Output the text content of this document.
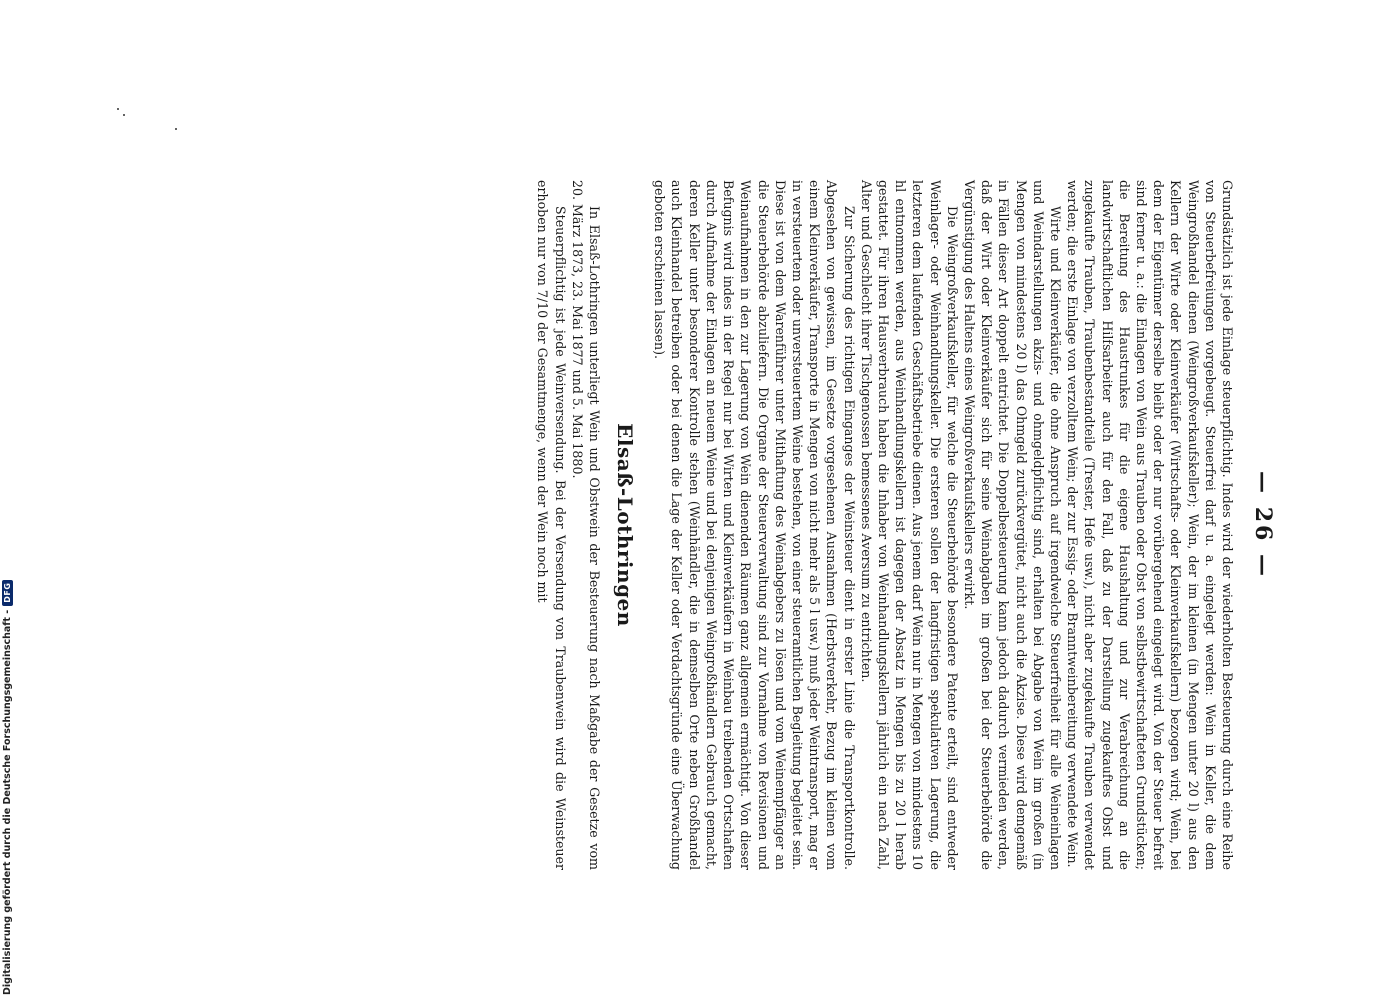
— 26 —

Grundsätzlich ist jede Einlage steuerpflichtig. Indes wird der wiederholten Besteuerung durch eine Reihe von Steuerbefreiungen vorgebeugt. Steuerfrei darf u. a. eingelegt werden: Wein in Keller, die dem Weingroßhandel dienen (Weingroßverkaufskeller); Wein, der im kleinen (in Mengen unter 20 l) aus den Kellern der Wirte oder Kleinverkäufer (Wirtschafts- oder Kleinverkaufskellern) bezogen wird; Wein, bei dem der Eigentümer derselbe bleibt oder der nur vorübergehend eingelegt wird. Von der Steuer befreit sind ferner u. a.: die Einlagen von Wein aus Trauben oder Obst von selbstbewirtschafteten Grundstücken; die Bereitung des Haustrunkes für die eigene Haushaltung und zur Verabreichung an die landwirtschaftlichen Hilfsarbeiter auch für den Fall, daß zu der Darstellung zugekauftes Obst und zugekaufte Trauben, Traubenbestandteile (Trester, Hefe usw.), nicht aber zugekaufte Trauben verwendet werden; die erste Einlage von verzolltem Wein; der zur Essig- oder Branntweinbereitung verwendete Wein.

Wirte und Kleinverkäufer, die ohne Anspruch auf irgendwelche Steuerfreiheit für alle Weineinlagen und Weindarstellungen akzis- und ohmgeldpflichtig sind, erhalten bei Abgabe von Wein im großen (in Mengen von mindestens 20 l) das Ohmgeld zurückvergütet, nicht auch die Akzise. Diese wird demgemäß in Fällen dieser Art doppelt entrichtet. Die Doppelbesteuerung kann jedoch dadurch vermieden werden, daß der Wirt oder Kleinverkäufer sich für seine Weinabgaben im großen bei der Steuerbehörde die Vergünstigung des Haltens eines Weingroßverkaufskellers erwirkt.

Die Weingroßverkaufskeller, für welche die Steuerbehörde besondere Patente erteilt, sind entweder Weinlager- oder Weinhandlungskeller. Die ersteren sollen der langfristigen spekulativen Lagerung, die letzteren dem laufenden Geschäftsbetriebe dienen. Aus jenem darf Wein nur in Mengen von mindestens 10 hl entnommen werden, aus Weinhandlungskellern ist dagegen der Absatz in Mengen bis zu 20 l herab gestattet. Für ihren Hausverbrauch haben die Inhaber von Weinhandlungskellern jährlich ein nach Zahl, Alter und Geschlecht ihrer Tischgenossen bemessenes Aversum zu entrichten.

Zur Sicherung des richtigen Einganges der Weinsteuer dient in erster Linie die Transportkontrolle. Abgesehen von gewissen, im Gesetze vorgesehenen Ausnahmen (Herbstverkehr, Bezug im kleinen vom einem Kleinverkäufer, Transporte in Mengen von nicht mehr als 5 l usw.) muß jeder Weintransport, mag er in versteuertem oder unversteuertem Weine bestehen, von einer steueramtlichen Begleitung begleitet sein. Diese ist von dem Warenführer unter Mithaftung des Weinabgebers zu lösen und vom Weinempfänger an die Steuerbehörde abzuliefern. Die Organe der Steuerverwaltung sind zur Vornahme von Revisionen und Weinaufnahmen in den zur Lagerung von Wein dienenden Räumen ganz allgemein ermächtigt. Von dieser Befugnis wird indes in der Regel nur bei Wirten und Kleinverkäufern in Weinbau treibenden Ortschaften durch Aufnahme der Einlagen an neuem Weine und bei denjenigen Weingroßhändlern Gebrauch gemacht, deren Keller unter besonderer Kontrolle stehen (Weinhändler, die in demselben Orte neben Großhandel auch Kleinhandel betreiben oder bei denen die Lage der Keller oder Verdachtsgründe eine Überwachung geboten erscheinen lassen).

Elsaß-Lothringen

In Elsaß-Lothringen unterliegt Wein und Obstwein der Besteuerung nach Maßgabe der Gesetze vom 20. März 1873, 23. Mai 1877 und 5. Mai 1880.

Steuerpflichtig ist jede Weinversendung. Bei der Versendung von Traubenwein wird die Weinsteuer erhoben nur von 7/10 der Gesamtmenge, wenn der Wein noch mit

Digitalisierung gefördert durch die Deutsche Forschungsgemeinschaft -
DFG
